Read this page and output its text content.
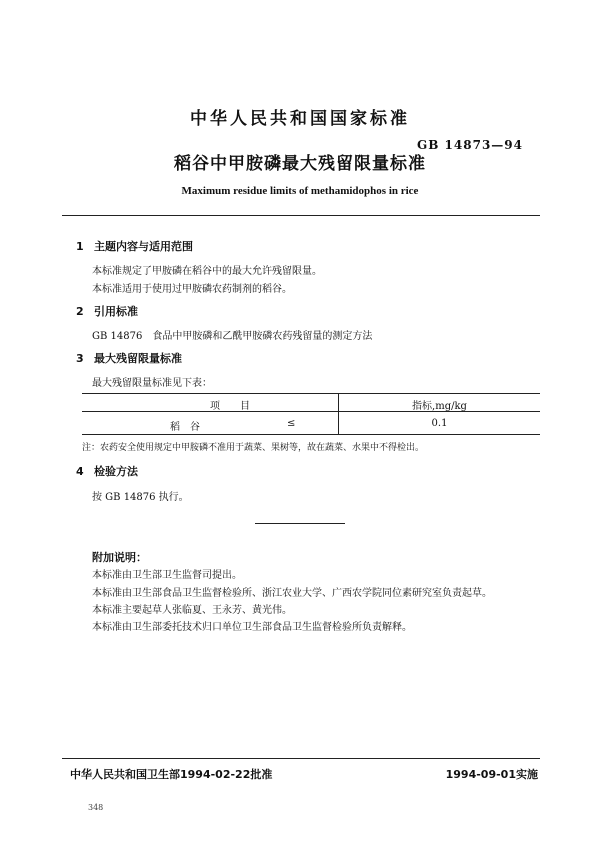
中华人民共和国国家标准
GB 14873—94
稻谷中甲胺磷最大残留限量标准
Maximum residue limits of methamidophos in rice
1 主题内容与适用范围
本标准规定了甲胺磷在稻谷中的最大允许残留限量。
本标准适用于使用过甲胺磷农药制剂的稻谷。
2 引用标准
GB 14876　食品中甲胺磷和乙酰甲胺磷农药残留量的测定方法
3 最大残留限量标准
最大残留限量标准见下表：
项　　目	指标,mg/kg
稻　谷	≤	0.1
注：农药安全使用规定中甲胺磷不准用于蔬菜、果树等，故在蔬菜、水果中不得检出。
4 检验方法
按 GB 14876 执行。
附加说明：
本标准由卫生部卫生监督司提出。
本标准由卫生部食品卫生监督检验所、浙江农业大学、广西农学院同位素研究室负责起草。
本标准主要起草人张临夏、王永芳、黄光伟。
本标准由卫生部委托技术归口单位卫生部食品卫生监督检验所负责解释。
中华人民共和国卫生部1994-02-22批准	1994-09-01实施
348
